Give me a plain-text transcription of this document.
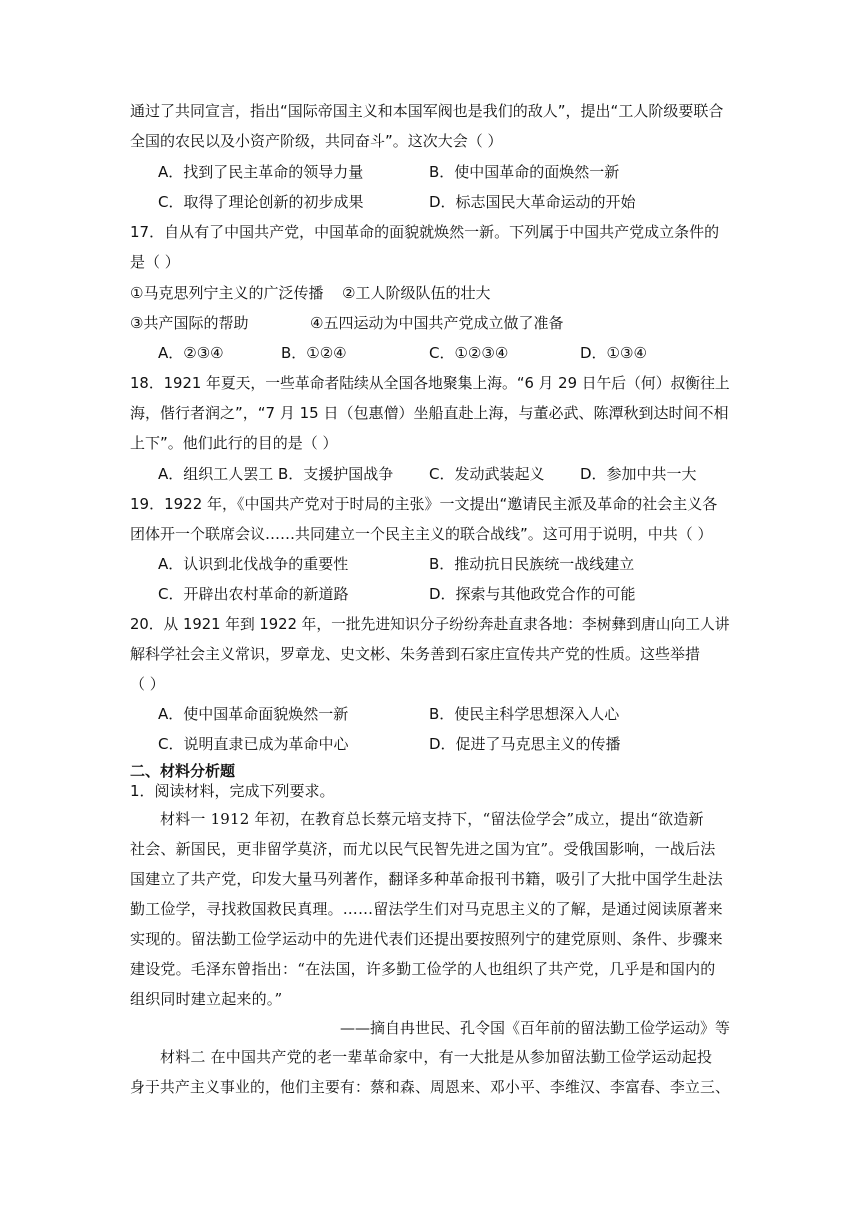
通过了共同宣言，指出“国际帝国主义和本国军阀也是我们的敌人”，提出“工人阶级要联合
全国的农民以及小资产阶级，共同奋斗”。这次大会（ ）
A．找到了民主革命的领导力量	B．使中国革命的面焕然一新
C．取得了理论创新的初步成果	D．标志国民大革命运动的开始
17．自从有了中国共产党，中国革命的面貌就焕然一新。下列属于中国共产党成立条件的
是（ ）
①马克思列宁主义的广泛传播 ②工人阶级队伍的壮大
③共产国际的帮助	④五四运动为中国共产党成立做了准备
A．②③④	B．①②④	C．①②③④	D．①③④
18．1921 年夏天，一些革命者陆续从全国各地聚集上海。“6 月 29 日午后（何）叔衡往上
海，偕行者润之”，“7 月 15 日（包惠僧）坐船直赴上海，与董必武、陈潭秋到达时间不相
上下”。他们此行的目的是（ ）
A．组织工人罢工 B．支援护国战争 C．发动武装起义 D．参加中共一大
19．1922 年，《中国共产党对于时局的主张》一文提出“邀请民主派及革命的社会主义各
团体开一个联席会议……共同建立一个民主主义的联合战线”。这可用于说明，中共（ ）
A．认识到北伐战争的重要性	B．推动抗日民族统一战线建立
C．开辟出农村革命的新道路	D．探索与其他政党合作的可能
20．从 1921 年到 1922 年，一批先进知识分子纷纷奔赴直隶各地：李树彝到唐山向工人讲
解科学社会主义常识，罗章龙、史文彬、朱务善到石家庄宣传共产党的性质。这些举措
（ ）
A．使中国革命面貌焕然一新	B．使民主科学思想深入人心
C．说明直隶已成为革命中心	D．促进了马克思主义的传播
二、材料分析题
1．阅读材料，完成下列要求。
材料一 1912 年初，在教育总长蔡元培支持下，“留法俭学会”成立，提出“欲造新
社会、新国民，更非留学莫济，而尤以民气民智先进之国为宜”。受俄国影响，一战后法
国建立了共产党，印发大量马列著作，翻译多种革命报刊书籍，吸引了大批中国学生赴法
勤工俭学，寻找救国救民真理。……留法学生们对马克思主义的了解，是通过阅读原著来
实现的。留法勤工俭学运动中的先进代表们还提出要按照列宁的建党原则、条件、步骤来
建设党。毛泽东曾指出：“在法国，许多勤工俭学的人也组织了共产党，几乎是和国内的
组织同时建立起来的。”
——摘自冉世民、孔令国《百年前的留法勤工俭学运动》等
材料二 在中国共产党的老一辈革命家中，有一大批是从参加留法勤工俭学运动起投
身于共产主义事业的，他们主要有：蔡和森、周恩来、邓小平、李维汉、李富春、李立三、
